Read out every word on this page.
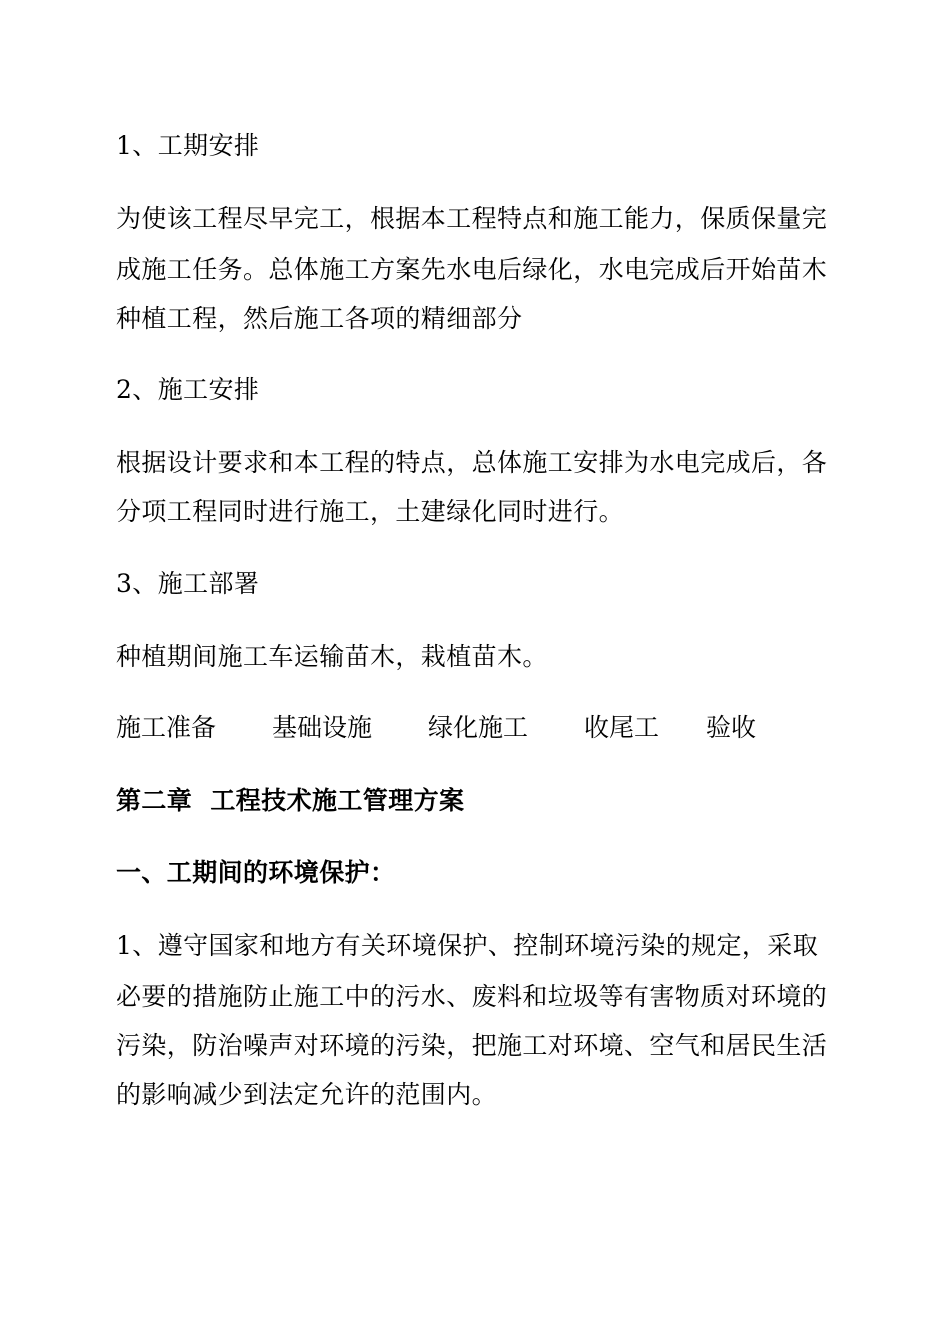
1、工期安排

为使该工程尽早完工，根据本工程特点和施工能力，保质保量完

成施工任务。总体施工方案先水电后绿化，水电完成后开始苗木

种植工程，然后施工各项的精细部分

2、施工安排

根据设计要求和本工程的特点，总体施工安排为水电完成后，各

分项工程同时进行施工，土建绿化同时进行。

3、施工部署

种植期间施工车运输苗木，栽植苗木。

施工准备 基础设施 绿化施工 收尾工 验收

第二章  工程技术施工管理方案

一、工期间的环境保护：

1、遵守国家和地方有关环境保护、控制环境污染的规定，采取

必要的措施防止施工中的污水、废料和垃圾等有害物质对环境的

污染，防治噪声对环境的污染，把施工对环境、空气和居民生活

的影响减少到法定允许的范围内。
